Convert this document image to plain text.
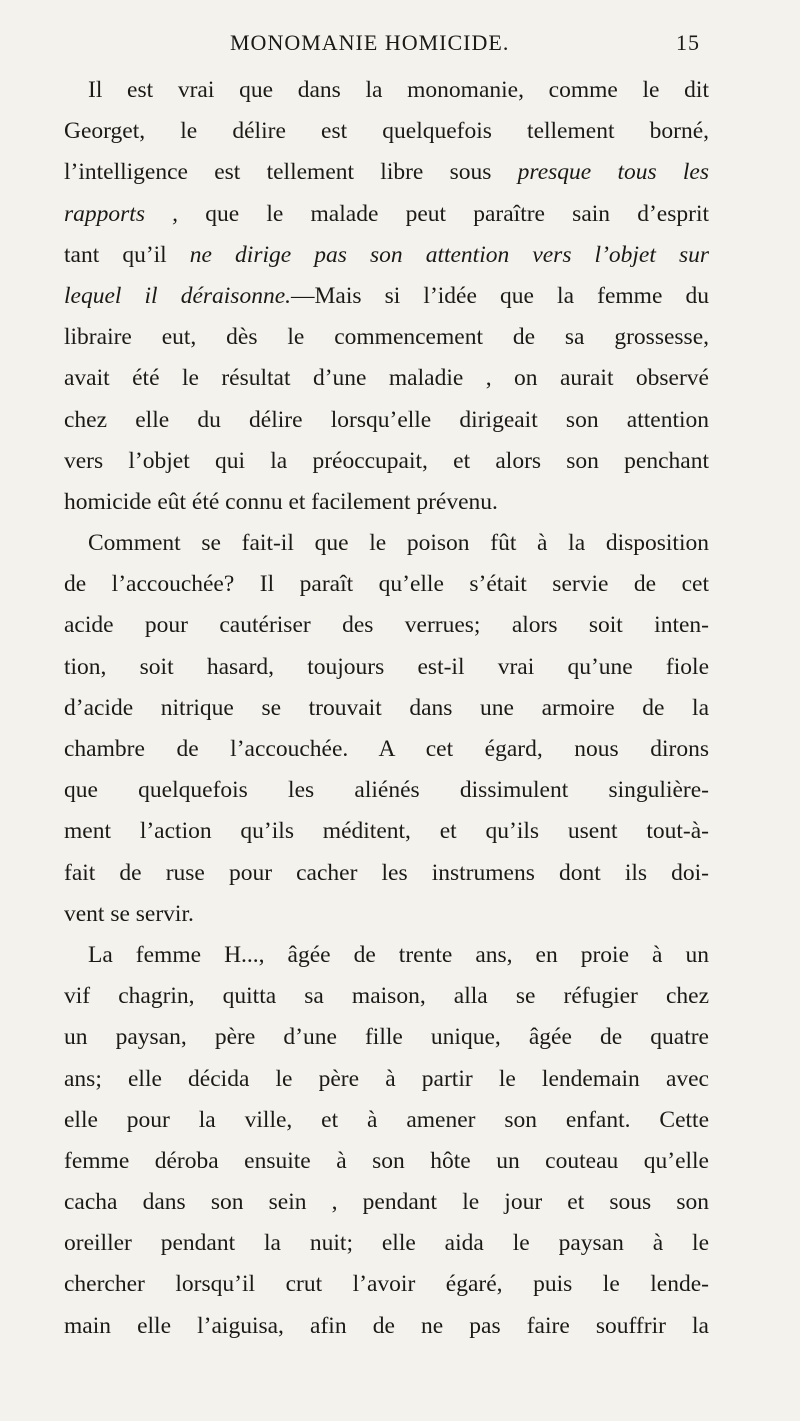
MONOMANIE HOMICIDE.	15
Il est vrai que dans la monomanie, comme le dit
Georget, le délire est quelquefois tellement borné,
l’intelligence est tellement libre sous presque tous les
rapports , que le malade peut paraître sain d’esprit
tant qu’il ne dirige pas son attention vers l’objet sur
lequel il déraisonne.—Mais si l’idée que la femme du
libraire eut, dès le commencement de sa grossesse,
avait été le résultat d’une maladie , on aurait observé
chez elle du délire lorsqu’elle dirigeait son attention
vers l’objet qui la préoccupait, et alors son penchant
homicide eût été connu et facilement prévenu.
Comment se fait-il que le poison fût à la disposition
de l’accouchée? Il paraît qu’elle s’était servie de cet
acide pour cautériser des verrues; alors soit inten-
tion, soit hasard, toujours est-il vrai qu’une fiole
d’acide nitrique se trouvait dans une armoire de la
chambre de l’accouchée. A cet égard, nous dirons
que quelquefois les aliénés dissimulent singulière-
ment l’action qu’ils méditent, et qu’ils usent tout-à-
fait de ruse pour cacher les instrumens dont ils doi-
vent se servir.
La femme H..., âgée de trente ans, en proie à un
vif chagrin, quitta sa maison, alla se réfugier chez
un paysan, père d’une fille unique, âgée de quatre
ans; elle décida le père à partir le lendemain avec
elle pour la ville, et à amener son enfant. Cette
femme déroba ensuite à son hôte un couteau qu’elle
cacha dans son sein , pendant le jour et sous son
oreiller pendant la nuit; elle aida le paysan à le
chercher lorsqu’il crut l’avoir égaré, puis le lende-
main elle l’aiguisa, afin de ne pas faire souffrir la
